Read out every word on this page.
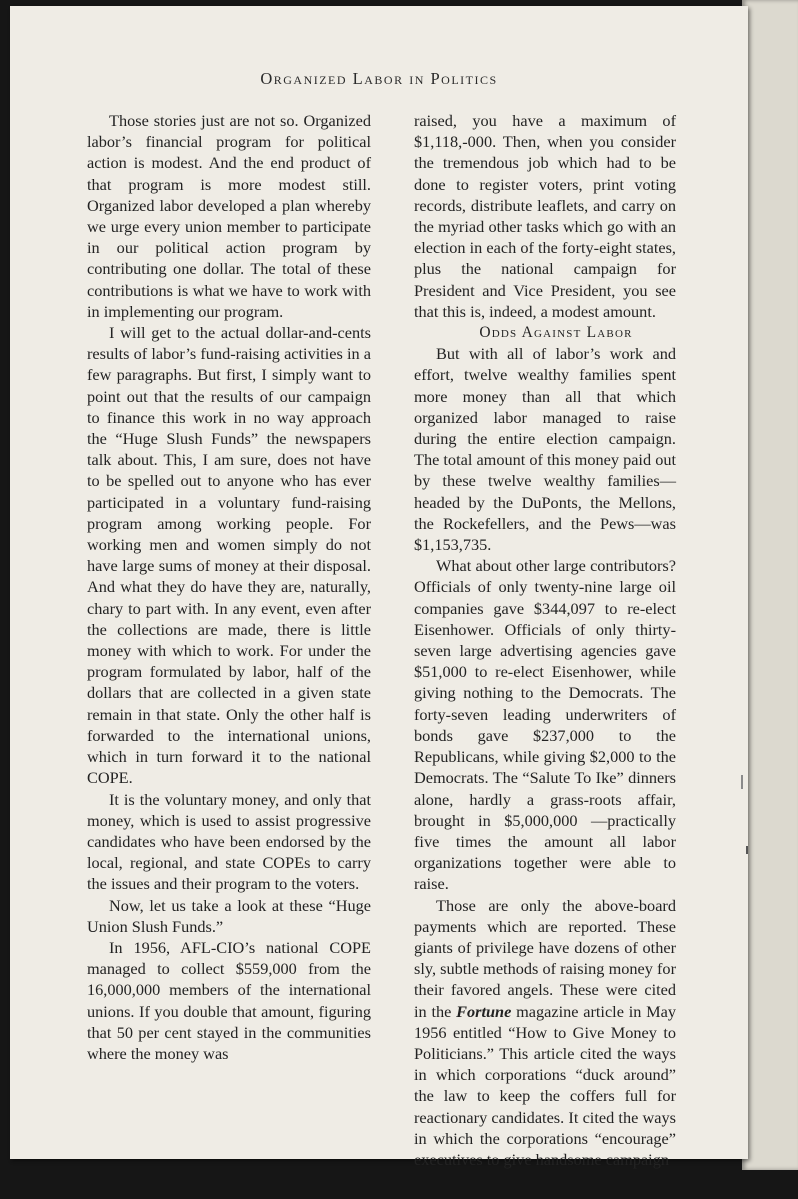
Organized Labor in Politics

Those stories just are not so. Organized labor’s financial program for political action is modest. And the end product of that program is more modest still. Organized labor developed a plan whereby we urge every union member to participate in our political action program by contributing one dollar. The total of these contributions is what we have to work with in implementing our program.

I will get to the actual dollar-and-cents results of labor’s fund-raising activities in a few paragraphs. But first, I simply want to point out that the results of our campaign to finance this work in no way approach the “Huge Slush Funds” the newspapers talk about. This, I am sure, does not have to be spelled out to anyone who has ever participated in a voluntary fund-raising program among working people. For working men and women simply do not have large sums of money at their disposal. And what they do have they are, naturally, chary to part with. In any event, even after the collections are made, there is little money with which to work. For under the program formulated by labor, half of the dollars that are collected in a given state remain in that state. Only the other half is forwarded to the international unions, which in turn forward it to the national COPE.

It is the voluntary money, and only that money, which is used to assist progressive candidates who have been endorsed by the local, regional, and state COPEs to carry the issues and their program to the voters.

Now, let us take a look at these “Huge Union Slush Funds.”

In 1956, AFL-CIO’s national COPE managed to collect $559,000 from the 16,000,000 members of the international unions. If you double that amount, figuring that 50 per cent stayed in the communities where the money was

raised, you have a maximum of $1,118,-000. Then, when you consider the tremendous job which had to be done to register voters, print voting records, distribute leaflets, and carry on the myriad other tasks which go with an election in each of the forty-eight states, plus the national campaign for President and Vice President, you see that this is, indeed, a modest amount.

Odds Against Labor

But with all of labor’s work and effort, twelve wealthy families spent more money than all that which organized labor managed to raise during the entire election campaign. The total amount of this money paid out by these twelve wealthy families—headed by the DuPonts, the Mellons, the Rockefellers, and the Pews—was $1,153,735.

What about other large contributors? Officials of only twenty-nine large oil companies gave $344,097 to re-elect Eisenhower. Officials of only thirty-seven large advertising agencies gave $51,000 to re-elect Eisenhower, while giving nothing to the Democrats. The forty-seven leading underwriters of bonds gave $237,000 to the Republicans, while giving $2,000 to the Democrats. The “Salute To Ike” dinners alone, hardly a grass-roots affair, brought in $5,000,000 —practically five times the amount all labor organizations together were able to raise.

Those are only the above-board payments which are reported. These giants of privilege have dozens of other sly, subtle methods of raising money for their favored angels. These were cited in the Fortune magazine article in May 1956 entitled “How to Give Money to Politicians.” This article cited the ways in which corporations “duck around” the law to keep the coffers full for reactionary candidates. It cited the ways in which the corporations “encourage” executives to give handsome campaign
